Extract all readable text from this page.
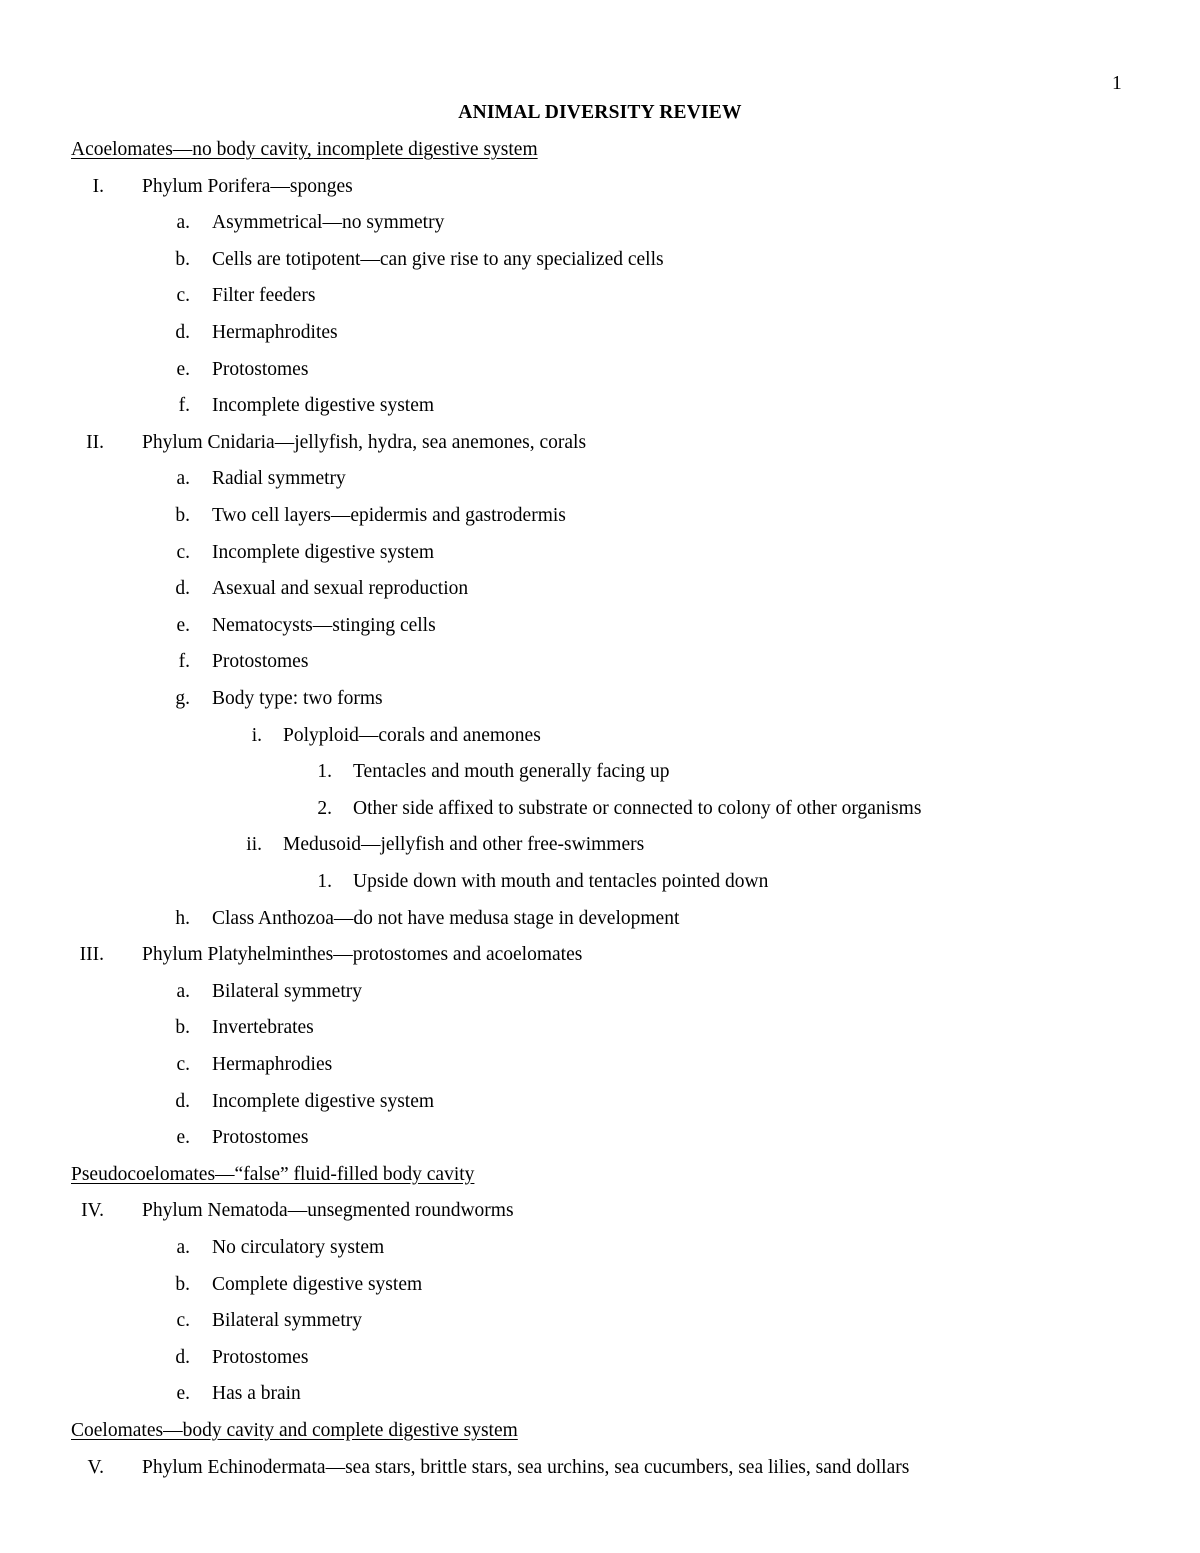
1
ANIMAL DIVERSITY REVIEW
Acoelomates—no body cavity, incomplete digestive system
I. Phylum Porifera—sponges
a. Asymmetrical—no symmetry
b. Cells are totipotent—can give rise to any specialized cells
c. Filter feeders
d. Hermaphrodites
e. Protostomes
f. Incomplete digestive system
II. Phylum Cnidaria—jellyfish, hydra, sea anemones, corals
a. Radial symmetry
b. Two cell layers—epidermis and gastrodermis
c. Incomplete digestive system
d. Asexual and sexual reproduction
e. Nematocysts—stinging cells
f. Protostomes
g. Body type: two forms
i. Polyploid—corals and anemones
1. Tentacles and mouth generally facing up
2. Other side affixed to substrate or connected to colony of other organisms
ii. Medusoid—jellyfish and other free-swimmers
1. Upside down with mouth and tentacles pointed down
h. Class Anthozoa—do not have medusa stage in development
III. Phylum Platyhelminthes—protostomes and acoelomates
a. Bilateral symmetry
b. Invertebrates
c. Hermaphrodies
d. Incomplete digestive system
e. Protostomes
Pseudocoelomates—“false” fluid-filled body cavity
IV. Phylum Nematoda—unsegmented roundworms
a. No circulatory system
b. Complete digestive system
c. Bilateral symmetry
d. Protostomes
e. Has a brain
Coelomates—body cavity and complete digestive system
V. Phylum Echinodermata—sea stars, brittle stars, sea urchins, sea cucumbers, sea lilies, sand dollars
